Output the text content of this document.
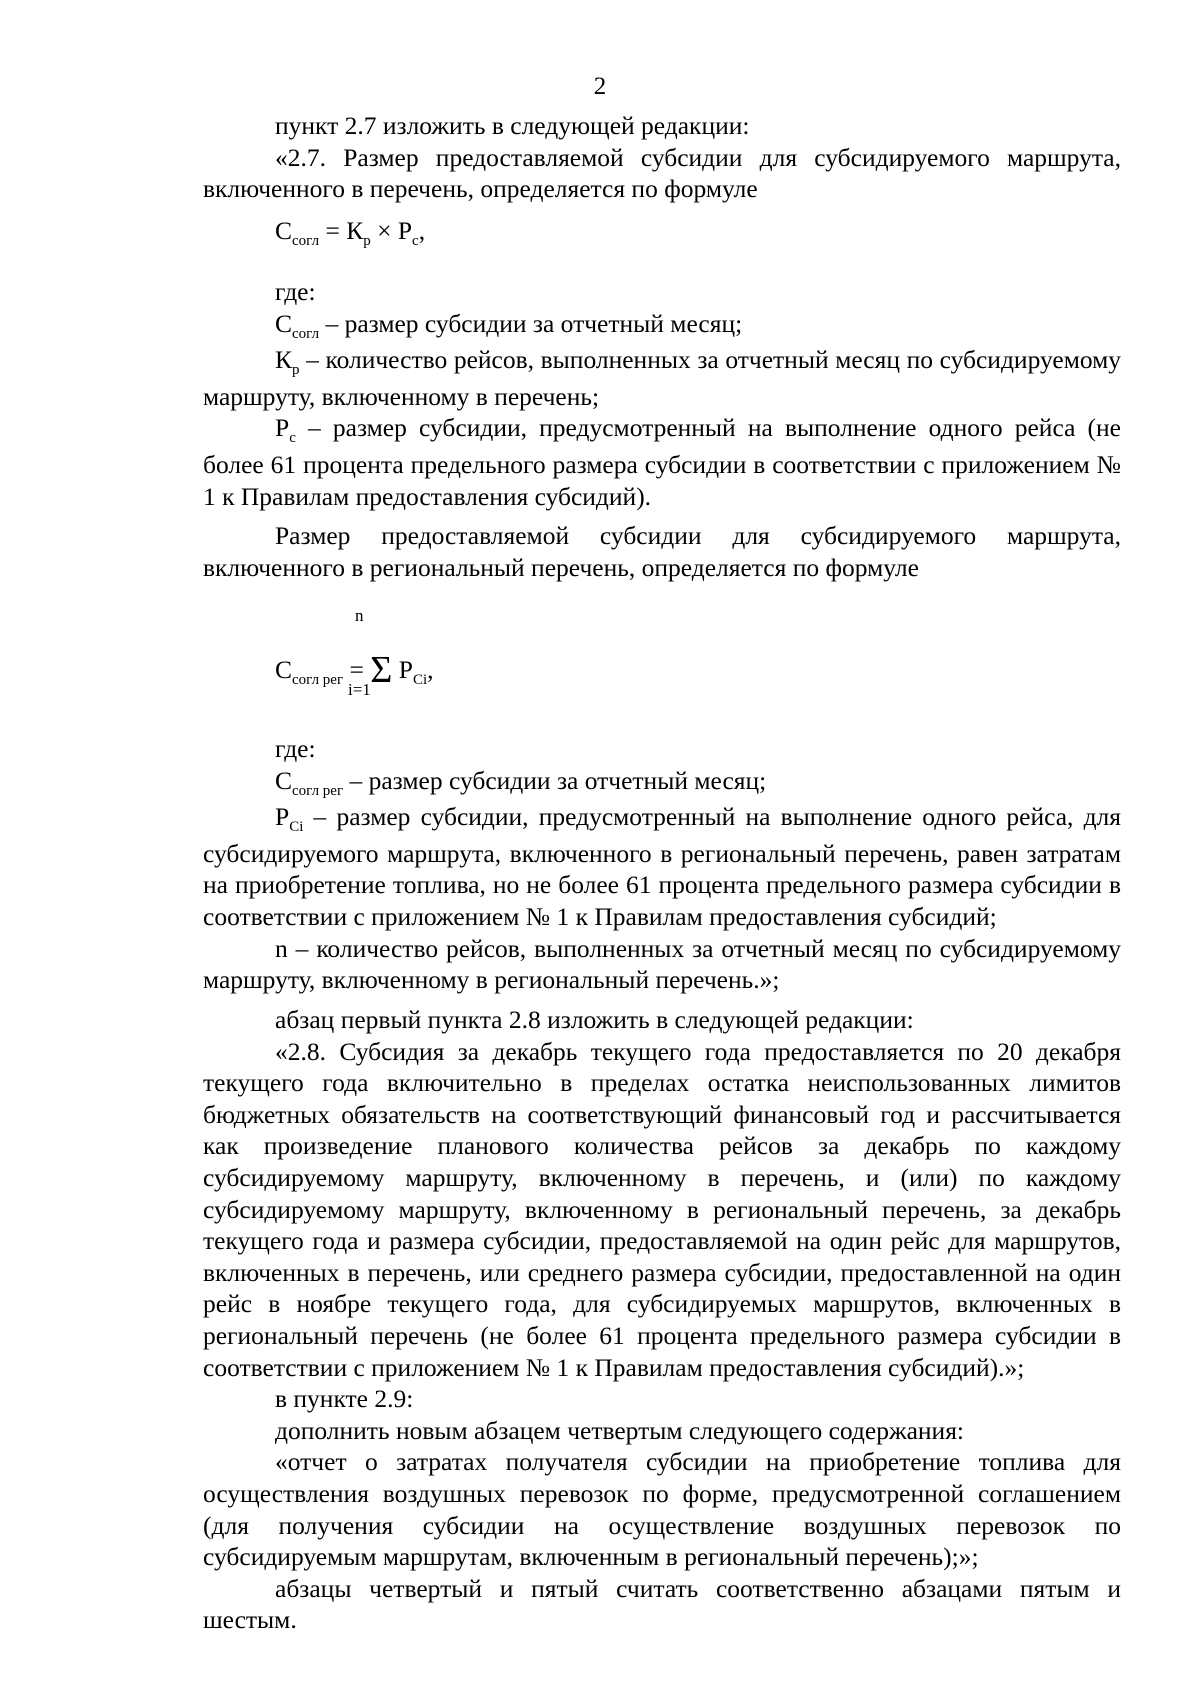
2

пункт 2.7 изложить в следующей редакции:

«2.7. Размер предоставляемой субсидии для субсидируемого маршрута, включенного в перечень, определяется по формуле

$С_{согл} = К_р \times Р_с$,

где:

$С_{согл}$ – размер субсидии за отчетный месяц;

$К_р$ – количество рейсов, выполненных за отчетный месяц по субсидируемому маршруту, включенному в перечень;

$Р_с$ – размер субсидии, предусмотренный на выполнение одного рейса (не более 61 процента предельного размера субсидии в соответствии с приложением № 1 к Правилам предоставления субсидий).

Размер предоставляемой субсидии для субсидируемого маршрута, включенного в региональный перечень, определяется по формуле

n
$С_{согл рег} = \Sigma$ $Р_{Сi}$,
i=1

где:

$С_{согл рег}$ – размер субсидии за отчетный месяц;

$Р_{Сi}$ – размер субсидии, предусмотренный на выполнение одного рейса, для субсидируемого маршрута, включенного в региональный перечень, равен затратам на приобретение топлива, но не более 61 процента предельного размера субсидии в соответствии с приложением № 1 к Правилам предоставления субсидий;

n – количество рейсов, выполненных за отчетный месяц по субсидируемому маршруту, включенному в региональный перечень.»;

абзац первый пункта 2.8 изложить в следующей редакции:

«2.8. Субсидия за декабрь текущего года предоставляется по 20 декабря текущего года включительно в пределах остатка неиспользованных лимитов бюджетных обязательств на соответствующий финансовый год и рассчитывается как произведение планового количества рейсов за декабрь по каждому субсидируемому маршруту, включенному в перечень, и (или) по каждому субсидируемому маршруту, включенному в региональный перечень, за декабрь текущего года и размера субсидии, предоставляемой на один рейс для маршрутов, включенных в перечень, или среднего размера субсидии, предоставленной на один рейс в ноябре текущего года, для субсидируемых маршрутов, включенных в региональный перечень (не более 61 процента предельного размера субсидии в соответствии с приложением № 1 к Правилам предоставления субсидий).»;

в пункте 2.9:

дополнить новым абзацем четвертым следующего содержания:

«отчет о затратах получателя субсидии на приобретение топлива для осуществления воздушных перевозок по форме, предусмотренной соглашением (для получения субсидии на осуществление воздушных перевозок по субсидируемым маршрутам, включенным в региональный перечень);»;

абзацы четвертый и пятый считать соответственно абзацами пятым и шестым.
